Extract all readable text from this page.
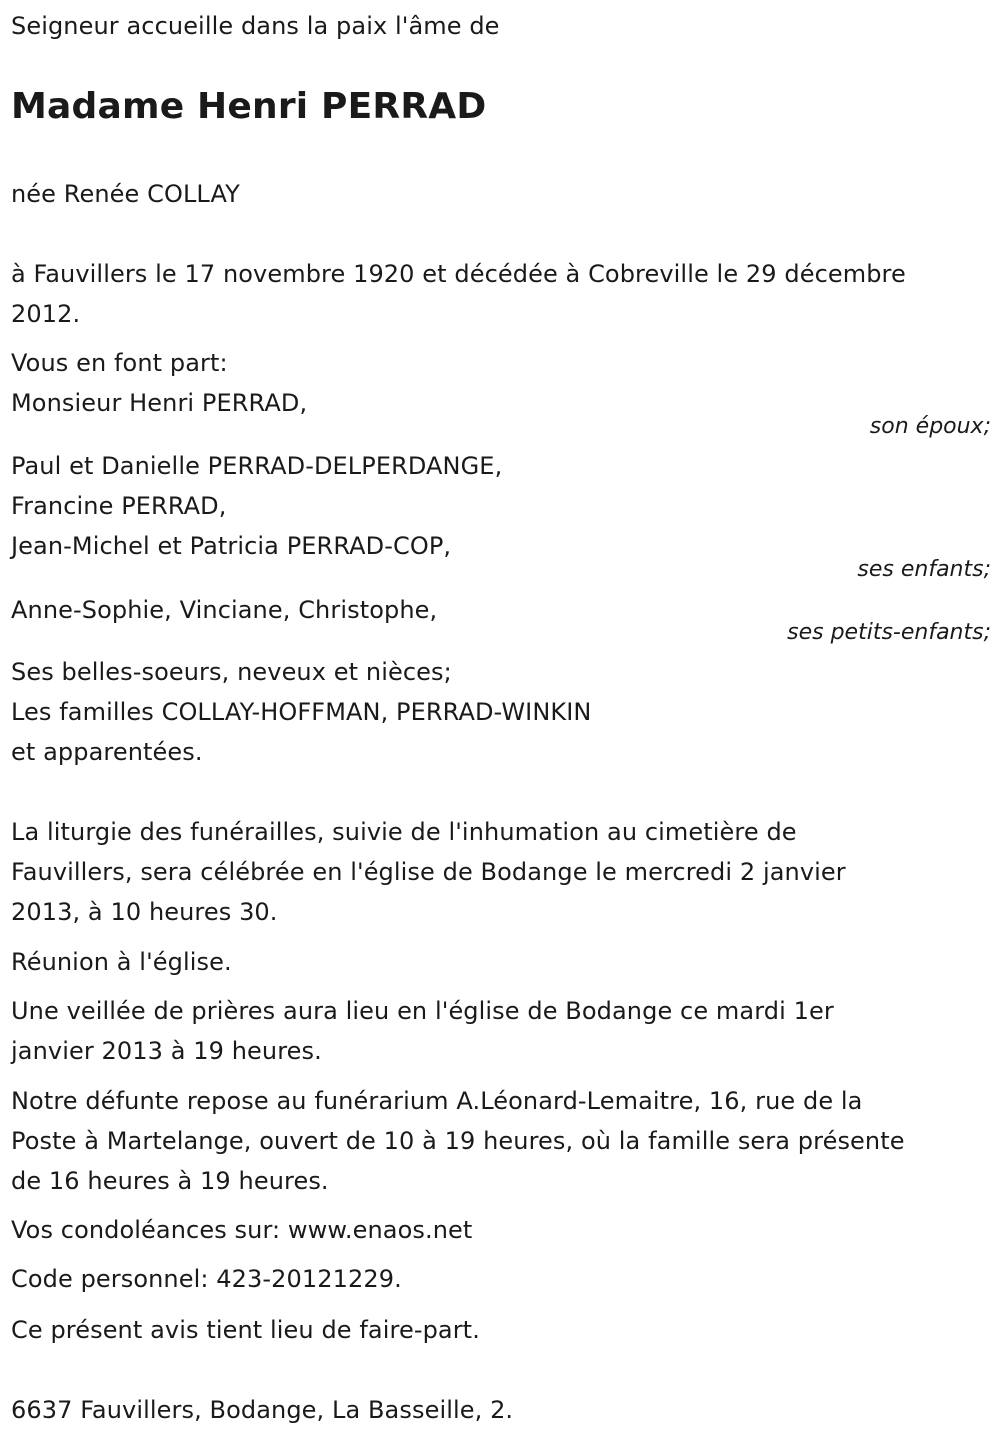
Seigneur accueille dans la paix l'âme de
Madame Henri PERRAD
née Renée COLLAY
à Fauvillers le 17 novembre 1920 et décédée à Cobreville le 29 décembre
2012.
Vous en font part:
Monsieur Henri PERRAD,
son époux;
Paul et Danielle PERRAD-DELPERDANGE,
Francine PERRAD,
Jean-Michel et Patricia PERRAD-COP,
ses enfants;
Anne-Sophie, Vinciane, Christophe,
ses petits-enfants;
Ses belles-soeurs, neveux et nièces;
Les familles COLLAY-HOFFMAN, PERRAD-WINKIN
et apparentées.
La liturgie des funérailles, suivie de l'inhumation au cimetière de
Fauvillers, sera célébrée en l'église de Bodange le mercredi 2 janvier
2013, à 10 heures 30.
Réunion à l'église.
Une veillée de prières aura lieu en l'église de Bodange ce mardi 1er
janvier 2013 à 19 heures.
Notre défunte repose au funérarium A.Léonard-Lemaitre, 16, rue de la
Poste à Martelange, ouvert de 10 à 19 heures, où la famille sera présente
de 16 heures à 19 heures.
Vos condoléances sur: www.enaos.net
Code personnel: 423-20121229.
Ce présent avis tient lieu de faire-part.
6637 Fauvillers, Bodange, La Basseille, 2.
